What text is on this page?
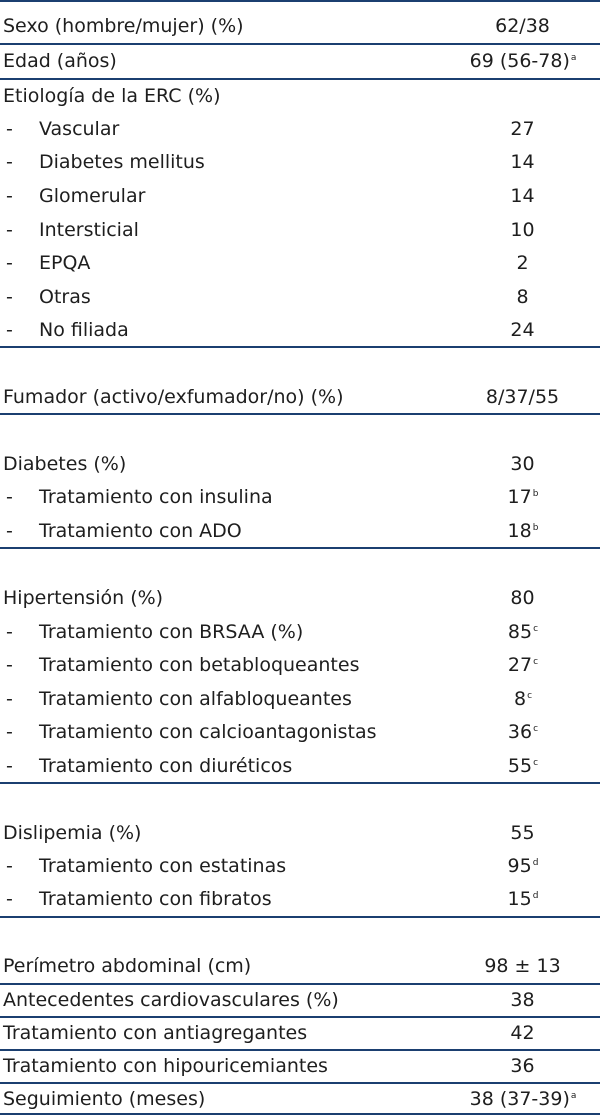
Sexo (hombre/mujer) (%)	62/38
Edad (años)	69 $(56-78)^a$
Etiología de la ERC (%)
- Vascular	27
- Diabetes mellitus	14
- Glomerular	14
- Intersticial	10
- EPQA	2
- Otras	8
- No filiada	24
Fumador (activo/exfumador/no) (%)	8/37/55
Diabetes (%)	30
- Tratamiento con insulina	17$^b$
- Tratamiento con ADO	18$^b$
Hipertensión (%)	80
- Tratamiento con BRSAA (%)	85$^c$
- Tratamiento con betabloqueantes	27$^c$
- Tratamiento con alfabloqueantes	8$^c$
- Tratamiento con calcioantagonistas	36$^c$
- Tratamiento con diuréticos	55$^c$
Dislipemia (%)	55
- Tratamiento con estatinas	95$^d$
- Tratamiento con fibratos	15$^d$
Perímetro abdominal (cm)	98 ± 13
Antecedentes cardiovasculares (%)	38
Tratamiento con antiagregantes	42
Tratamiento con hipouricemiantes	36
Seguimiento (meses)	38 $(37-39)^a$
